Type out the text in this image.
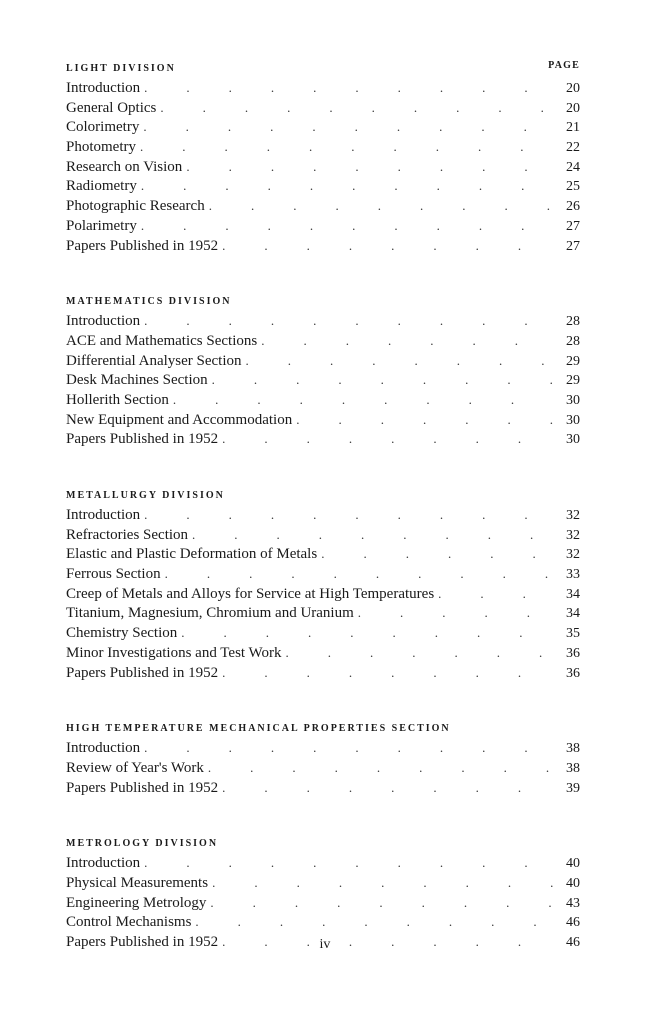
PAGE
LIGHT DIVISION
Introduction .	20
General Optics .	20
Colorimetry .	21
Photometry .	22
Research on Vision .	24
Radiometry .	25
Photographic Research .	26
Polarimetry .	27
Papers Published in 1952 .	27
MATHEMATICS DIVISION
Introduction .	28
ACE and Mathematics Sections .	28
Differential Analyser Section .	29
Desk Machines Section .	29
Hollerith Section .	30
New Equipment and Accommodation .	30
Papers Published in 1952 .	30
METALLURGY DIVISION
Introduction .	32
Refractories Section .	32
Elastic and Plastic Deformation of Metals .	32
Ferrous Section .	33
Creep of Metals and Alloys for Service at High Temperatures .	34
Titanium, Magnesium, Chromium and Uranium .	34
Chemistry Section .	35
Minor Investigations and Test Work .	36
Papers Published in 1952 .	36
HIGH TEMPERATURE MECHANICAL PROPERTIES SECTION
Introduction .	38
Review of Year's Work .	38
Papers Published in 1952 .	39
METROLOGY DIVISION
Introduction .	40
Physical Measurements .	40
Engineering Metrology .	43
Control Mechanisms .	46
Papers Published in 1952 .	46
iv
